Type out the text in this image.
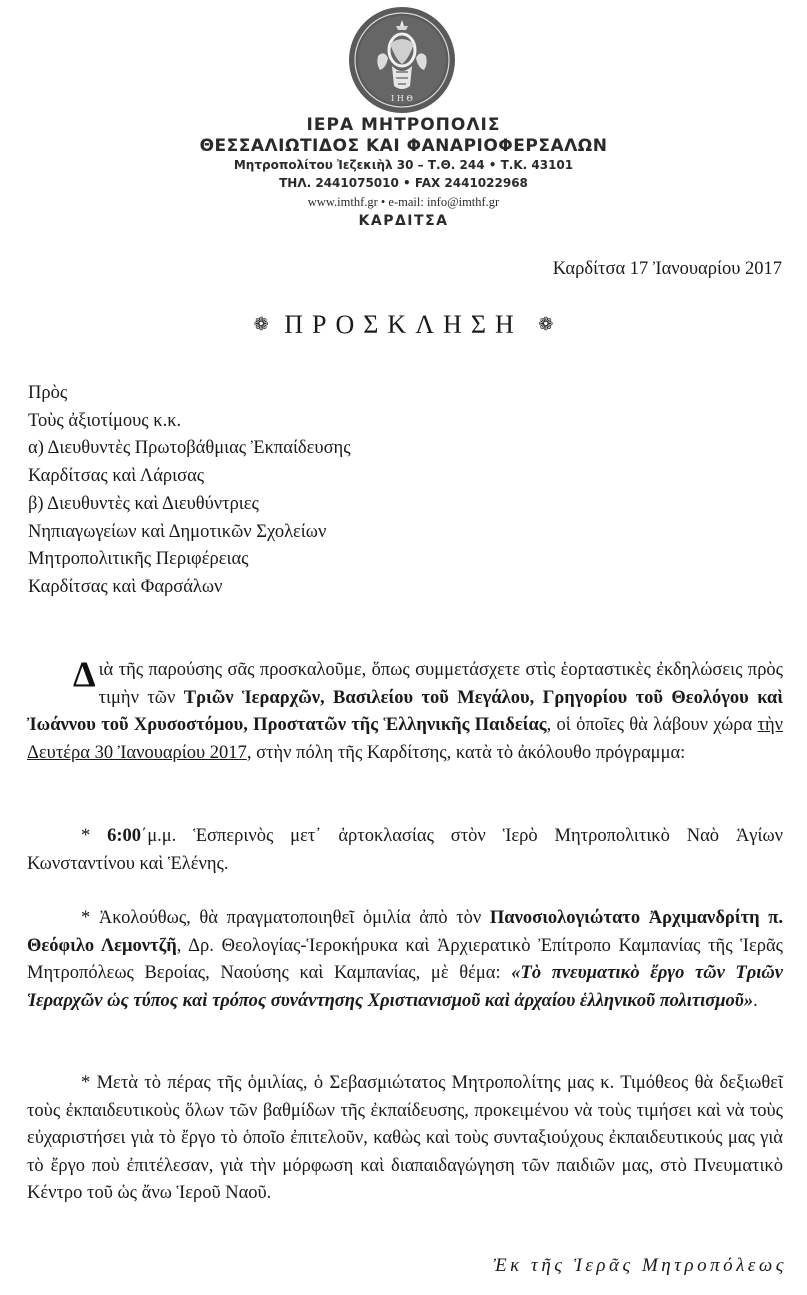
I H Θ
ΙΕΡΑ ΜΗΤΡΟΠΟΛΙΣ
ΘΕΣΣΑΛΙΩΤΙΔΟΣ ΚΑΙ ΦΑΝΑΡΙΟΦΕΡΣΑΛΩΝ
Μητροπολίτου Ἰεζεκιὴλ 30 – Τ.Θ. 244 • Τ.Κ. 43101
ΤΗΛ. 2441075010 • FAX 2441022968
www.imthf.gr • e-mail: info@imthf.gr
ΚΑΡΔΙΤΣΑ
Καρδίτσα 17 Ἰανουαρίου 2017
❁ ΠΡΟΣΚΛΗΣΗ ❁
Πρὸς
Τοὺς ἀξιοτίμους κ.κ.
α) Διευθυντὲς Πρωτοβάθμιας Ἐκπαίδευσης
Καρδίτσας καὶ Λάρισας
β) Διευθυντὲς καὶ Διευθύντριες
Νηπιαγωγείων καὶ Δημοτικῶν Σχολείων
Μητροπολιτικῆς Περιφέρειας
Καρδίτσας καὶ Φαρσάλων
Διὰ τῆς παρούσης σᾶς προσκαλοῦμε, ὅπως συμμετάσχετε στὶς ἑορταστικὲς ἐκδηλώσεις πρὸς τιμὴν τῶν Τριῶν Ἱεραρχῶν, Βασιλείου τοῦ Μεγάλου, Γρηγορίου τοῦ Θεολόγου καὶ Ἰωάννου τοῦ Χρυσοστόμου, Προστατῶν τῆς Ἑλληνικῆς Παιδείας, οἱ ὁποῖες θὰ λάβουν χώρα τὴν Δευτέρα 30 Ἰανουαρίου 2017, στὴν πόλη τῆς Καρδίτσης, κατὰ τὸ ἀκόλουθο πρόγραμμα:
* 6:00΄μ.μ. Ἑσπερινὸς μετ᾽ ἀρτοκλασίας στὸν Ἱερὸ Μητροπολιτικὸ Ναὸ Ἁγίων Κωνσταντίνου καὶ Ἑλένης.
* Ἀκολούθως, θὰ πραγματοποιηθεῖ ὁμιλία ἀπὸ τὸν Πανοσιολογιώτατο Ἀρχιμανδρίτη π. Θεόφιλο Λεμοντζῆ, Δρ. Θεολογίας-Ἱεροκήρυκα καὶ Ἀρχιερατικὸ Ἐπίτροπο Καμπανίας τῆς Ἱερᾶς Μητροπόλεως Βεροίας, Ναούσης καὶ Καμπανίας, μὲ θέμα: «Τὸ πνευματικὸ ἔργο τῶν Τριῶν Ἱεραρχῶν ὡς τύπος καὶ τρόπος συνάντησης Χριστιανισμοῦ καὶ ἀρχαίου ἑλληνικοῦ πολιτισμοῦ».
* Μετὰ τὸ πέρας τῆς ὁμιλίας, ὁ Σεβασμιώτατος Μητροπολίτης μας κ. Τιμόθεος θὰ δεξιωθεῖ τοὺς ἐκπαιδευτικοὺς ὅλων τῶν βαθμίδων τῆς ἐκπαίδευσης, προκειμένου νὰ τοὺς τιμήσει καὶ νὰ τοὺς εὐχαριστήσει γιὰ τὸ ἔργο τὸ ὁποῖο ἐπιτελοῦν, καθὼς καὶ τοὺς συνταξιούχους ἐκπαιδευτικούς μας γιὰ τὸ ἔργο ποὺ ἐπιτέλεσαν, γιὰ τὴν μόρφωση καὶ διαπαιδαγώγηση τῶν παιδιῶν μας, στὸ Πνευματικὸ Κέντρο τοῦ ὡς ἄνω Ἱεροῦ Ναοῦ.
Ἐκ τῆς Ἱερᾶς Μητροπόλεως
